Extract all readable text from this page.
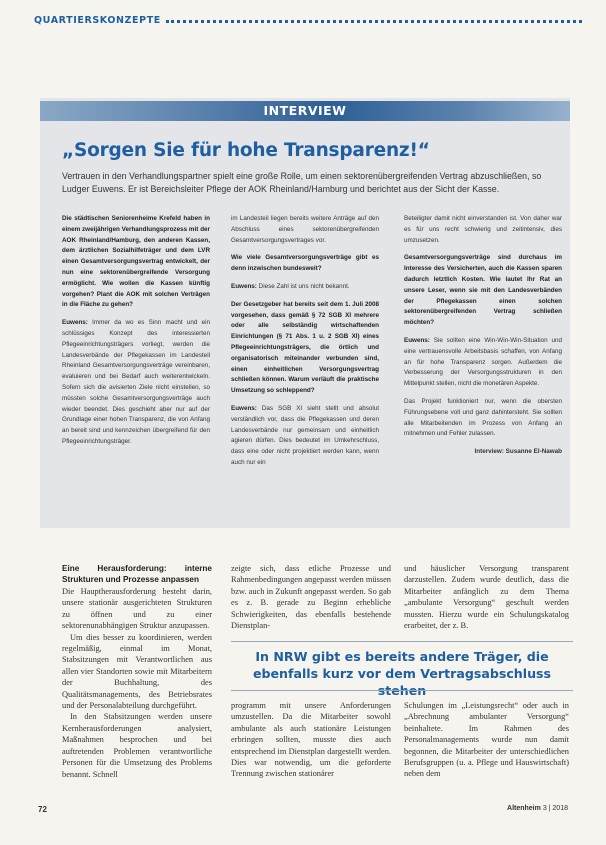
QUARTIERSKONZEPTE
INTERVIEW
„Sorgen Sie für hohe Transparenz!“
Vertrauen in den Verhandlungspartner spielt eine große Rolle, um einen sektorenübergreifenden Vertrag abzuschließen, so Ludger Euwens. Er ist Bereichsleiter Pflege der AOK Rheinland/Hamburg und berichtet aus der Sicht der Kasse.

Die städtischen Seniorenheime Krefeld haben in einem zweijährigen Verhandlungsprozess mit der AOK Rheinland/Hamburg, den anderen Kassen, dem ärztlichen Sozialhilfeträger und dem LVR einen Gesamtversorgungsvertrag entwickelt, der nun eine sektorenübergreifende Versorgung ermöglicht. Wie wollen die Kassen künftig vorgehen? Plant die AOK mit solchen Verträgen in die Fläche zu gehen?

Euwens: Immer da wo es Sinn macht und ein schlüssiges Konzept des interessierten Pflegeeinrichtungsträgers vorliegt, werden die Landesverbände der Pflegekassen im Landesteil Rheinland Gesamtversorgungsverträge vereinbaren, evaluieren und bei Bedarf auch weiterentwickeln. Sofern sich die avisierten Ziele nicht einstellen, so müssten solche Gesamtversorgungsverträge auch wieder beendet. Dies geschieht aber nur auf der Grundlage einer hohen Transparenz, die von Anfang an bereit sind und kennzeichen übergreifend für den Pflegeeinrichtungsträger.

im Landesteil liegen bereits weitere Anträge auf den Abschluss eines sektorenübergreifenden Gesamtversorgungsvertrages vor.

Wie viele Gesamtversorgungsverträge gibt es denn inzwischen bundesweit?

Euwens: Diese Zahl ist uns nicht bekannt.

Der Gesetzgeber hat bereits seit dem 1. Juli 2008 vorgesehen, dass gemäß § 72 SGB XI mehrere oder alle selbständig wirtschaftenden Einrichtungen (§ 71 Abs. 1 u. 2 SGB XI) eines Pflegeeinrichtungsträgers, die örtlich und organisatorisch miteinander verbunden sind, einen einheitlichen Versorgungsvertrag schließen können. Warum verläuft die praktische Umsetzung so schleppend?

Euwens: Das SGB XI sieht stellt und absolut verständlich vor, dass die Pflegekassen und deren Landesverbände nur gemeinsam und einheitlich agieren dürfen. Dies bedeutet im Umkehrschluss, dass eine oder nicht projektiert werden kann, wenn auch nur ein

Beteiligter damit nicht einverstanden ist. Von daher war es für uns recht schwierig und zeitintensiv, dies umzusetzen.

Gesamtversorgungsverträge sind durchaus im Interesse des Versicherten, auch die Kassen sparen dadurch letztlich Kosten. Wie lautet Ihr Rat an unsere Leser, wenn sie mit den Landesverbänden der Pflegekassen einen solchen sektorenübergreifenden Vertrag schließen möchten?

Euwens: Sie sollten eine Win-Win-Win-Situation und eine vertrauensvolle Arbeitsbasis schaffen, von Anfang an für hohe Transparenz sorgen. Außerdem die Verbesserung der Versorgungsstrukturen in den Mittelpunkt stellen, nicht die monetären Aspekte.

Das Projekt funktioniert nur, wenn die obersten Führungsebene voll und ganz dahintersteht. Sie sollten alle Mitarbeitenden im Prozess von Anfang an mitnehmen und Fehler zulassen.

Interview: Susanne El-Nawab

Eine Herausforderung: interne Strukturen und Prozesse anpassen

Die Hauptherausforderung besteht darin, unsere stationär ausgerichteten Strukturen zu öffnen und zu einer sektorenunabhängigen Struktur anzupassen.

Um dies besser zu koordinieren, werden regelmäßig, einmal im Monat, Stabsitzungen mit Verantwortlichen aus allen vier Standorten sowie mit Mitarbeitern der Buchhaltung, des Qualitätsmanagements, des Betriebsrates und der Personalabteilung durchgeführt.

In den Stabsitzungen werden unsere Kernherausforderungen analysiert, Maßnahmen besprochen und bei auftretenden Problemen verantwortliche Personen für die Umsetzung des Problems benannt. Schnell

zeigte sich, dass etliche Prozesse und Rahmenbedingungen angepasst werden müssen bzw. auch in Zukunft angepasst werden. So gab es z. B. gerade zu Beginn erhebliche Schwierigkeiten, das ebenfalls bestehende Dienstplan-

und häuslicher Versorgung transparent darzustellen. Zudem wurde deutlich, dass die Mitarbeiter anfänglich zu dem Thema „ambulante Versorgung“ geschult werden mussten. Hierzu wurde ein Schulungskatalog erarbeitet, der z. B.

In NRW gibt es bereits andere Träger, die ebenfalls kurz vor dem Vertragsabschluss stehen

programm mit unsere Anforderungen umzustellen. Da die Mitarbeiter sowohl ambulante als auch stationäre Leistungen erbringen sollten, musste dies auch entsprechend im Dienstplan dargestellt werden. Dies war notwendig, um die geforderte Trennung zwischen stationärer

Schulungen im „Leistungsrecht“ oder auch in „Abrechnung ambulanter Versorgung“ beinhaltete. Im Rahmen des Personalmanagements wurde nun damit begonnen, die Mitarbeiter der unterschiedlichen Berufsgruppen (u. a. Pflege und Hauswirtschaft) neben dem

72	Altenheim 3 | 2018
